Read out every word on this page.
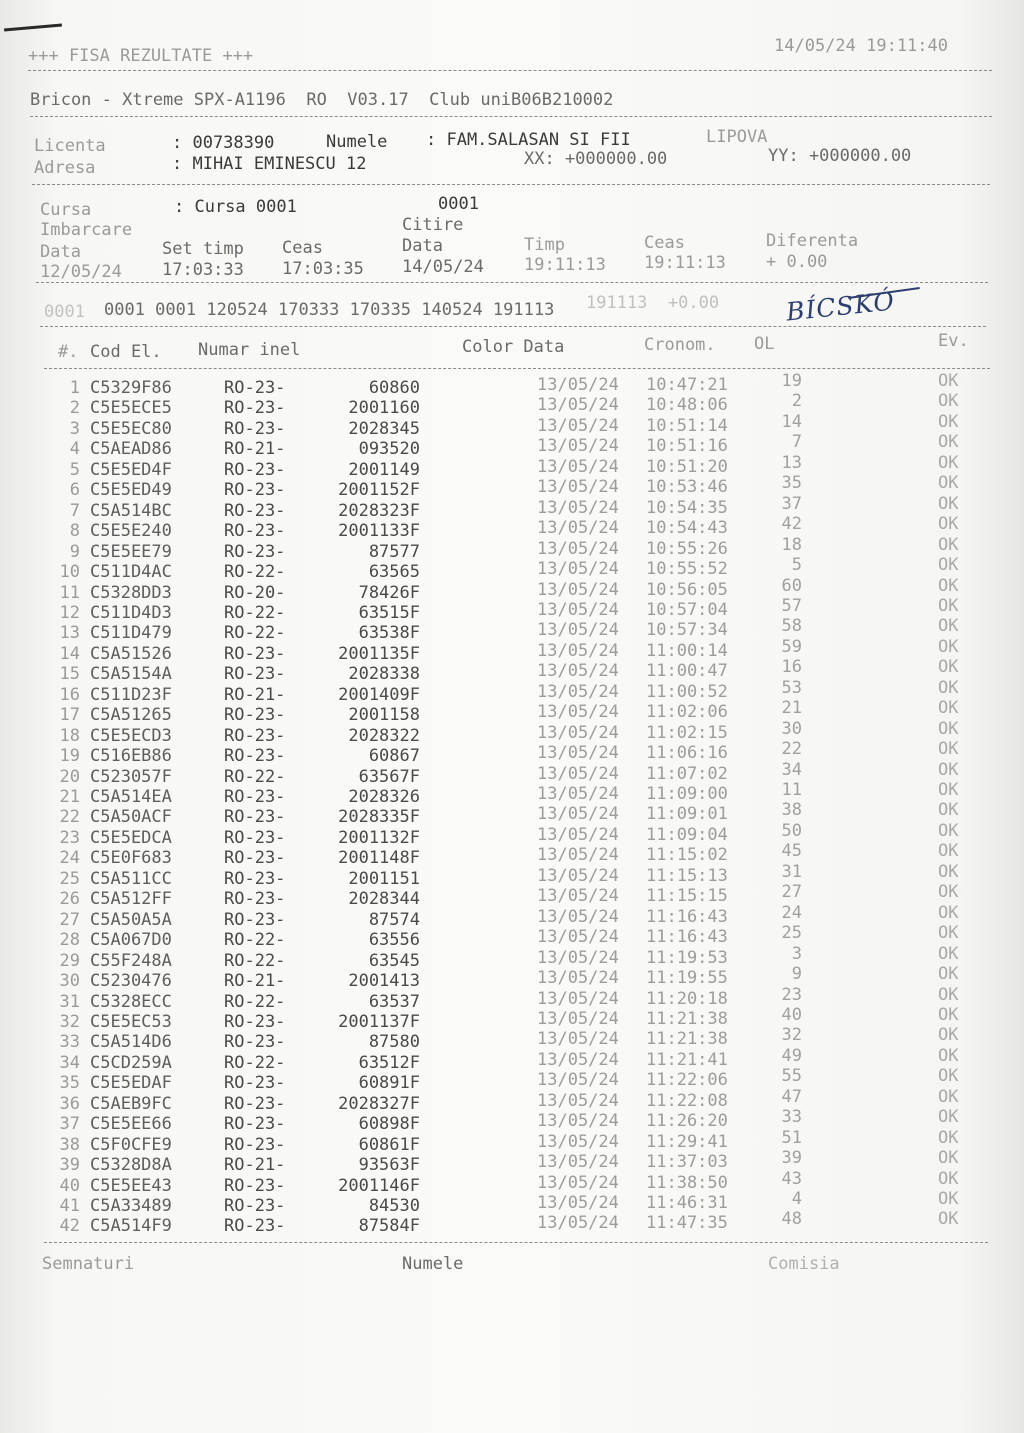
+++ FISA REZULTATE +++	14/05/24 19:11:40
Bricon - Xtreme SPX-A1196  RO  V03.17  Club uniB06B210002
Licenta	: 00738390	Numele : FAM.SALASAN SI FII	LIPOVA
Adresa	: MIHAI EMINESCU 12	XX: +000000.00	YY: +000000.00
Cursa	: Cursa 0001	0001
Imbarcare	Citire
Data	Set timp Ceas	Data	Timp	Ceas	Diferenta
12/05/24 17:03:33 17:03:35 14/05/24 19:11:13 19:11:13 + 0.00
0001 0001 120524 170333 170335 140524 191113
0001	191113  +0.00	BÍCSKÓ
#. Cod El. Numar inel	Color Data	Cronom. OL	Ev.
1 C5329F86	RO-23-	60860	13/05/24 10:47:21	19	OK
2 C5E5ECE5	RO-23-	2001160	13/05/24 10:48:06	2	OK
3 C5E5EC80	RO-23-	2028345	13/05/24 10:51:14	14	OK
4 C5AEAD86	RO-21-	093520	13/05/24 10:51:16	7	OK
5 C5E5ED4F	RO-23-	2001149	13/05/24 10:51:20	13	OK
6 C5E5ED49	RO-23-	2001152F	13/05/24 10:53:46	35	OK
7 C5A514BC	RO-23-	2028323F	13/05/24 10:54:35	37	OK
8 C5E5E240	RO-23-	2001133F	13/05/24 10:54:43	42	OK
9 C5E5EE79	RO-23-	87577	13/05/24 10:55:26	18	OK
10 C511D4AC	RO-22-	63565	13/05/24 10:55:52	5	OK
11 C5328DD3	RO-20-	78426F	13/05/24 10:56:05	60	OK
12 C511D4D3	RO-22-	63515F	13/05/24 10:57:04	57	OK
13 C511D479	RO-22-	63538F	13/05/24 10:57:34	58	OK
14 C5A51526	RO-23-	2001135F	13/05/24 11:00:14	59	OK
15 C5A5154A	RO-23-	2028338	13/05/24 11:00:47	16	OK
16 C511D23F	RO-21-	2001409F	13/05/24 11:00:52	53	OK
17 C5A51265	RO-23-	2001158	13/05/24 11:02:06	21	OK
18 C5E5ECD3	RO-23-	2028322	13/05/24 11:02:15	30	OK
19 C516EB86	RO-23-	60867	13/05/24 11:06:16	22	OK
20 C523057F	RO-22-	63567F	13/05/24 11:07:02	34	OK
21 C5A514EA	RO-23-	2028326	13/05/24 11:09:00	11	OK
22 C5A50ACF	RO-23-	2028335F	13/05/24 11:09:01	38	OK
23 C5E5EDCA	RO-23-	2001132F	13/05/24 11:09:04	50	OK
24 C5E0F683	RO-23-	2001148F	13/05/24 11:15:02	45	OK
25 C5A511CC	RO-23-	2001151	13/05/24 11:15:13	31	OK
26 C5A512FF	RO-23-	2028344	13/05/24 11:15:15	27	OK
27 C5A50A5A	RO-23-	87574	13/05/24 11:16:43	24	OK
28 C5A067D0	RO-22-	63556	13/05/24 11:16:43	25	OK
29 C55F248A	RO-22-	63545	13/05/24 11:19:53	3	OK
30 C5230476	RO-21-	2001413	13/05/24 11:19:55	9	OK
31 C5328ECC	RO-22-	63537	13/05/24 11:20:18	23	OK
32 C5E5EC53	RO-23-	2001137F	13/05/24 11:21:38	40	OK
33 C5A514D6	RO-23-	87580	13/05/24 11:21:38	32	OK
34 C5CD259A	RO-22-	63512F	13/05/24 11:21:41	49	OK
35 C5E5EDAF	RO-23-	60891F	13/05/24 11:22:06	55	OK
36 C5AEB9FC	RO-23-	2028327F	13/05/24 11:22:08	47	OK
37 C5E5EE66	RO-23-	60898F	13/05/24 11:26:20	33	OK
38 C5F0CFE9	RO-23-	60861F	13/05/24 11:29:41	51	OK
39 C5328D8A	RO-21-	93563F	13/05/24 11:37:03	39	OK
40 C5E5EE43	RO-23-	2001146F	13/05/24 11:38:50	43	OK
41 C5A33489	RO-23-	84530	13/05/24 11:46:31	4	OK
42 C5A514F9	RO-23-	87584F	13/05/24 11:47:35	48	OK
Semnaturi	Numele	Comisia
